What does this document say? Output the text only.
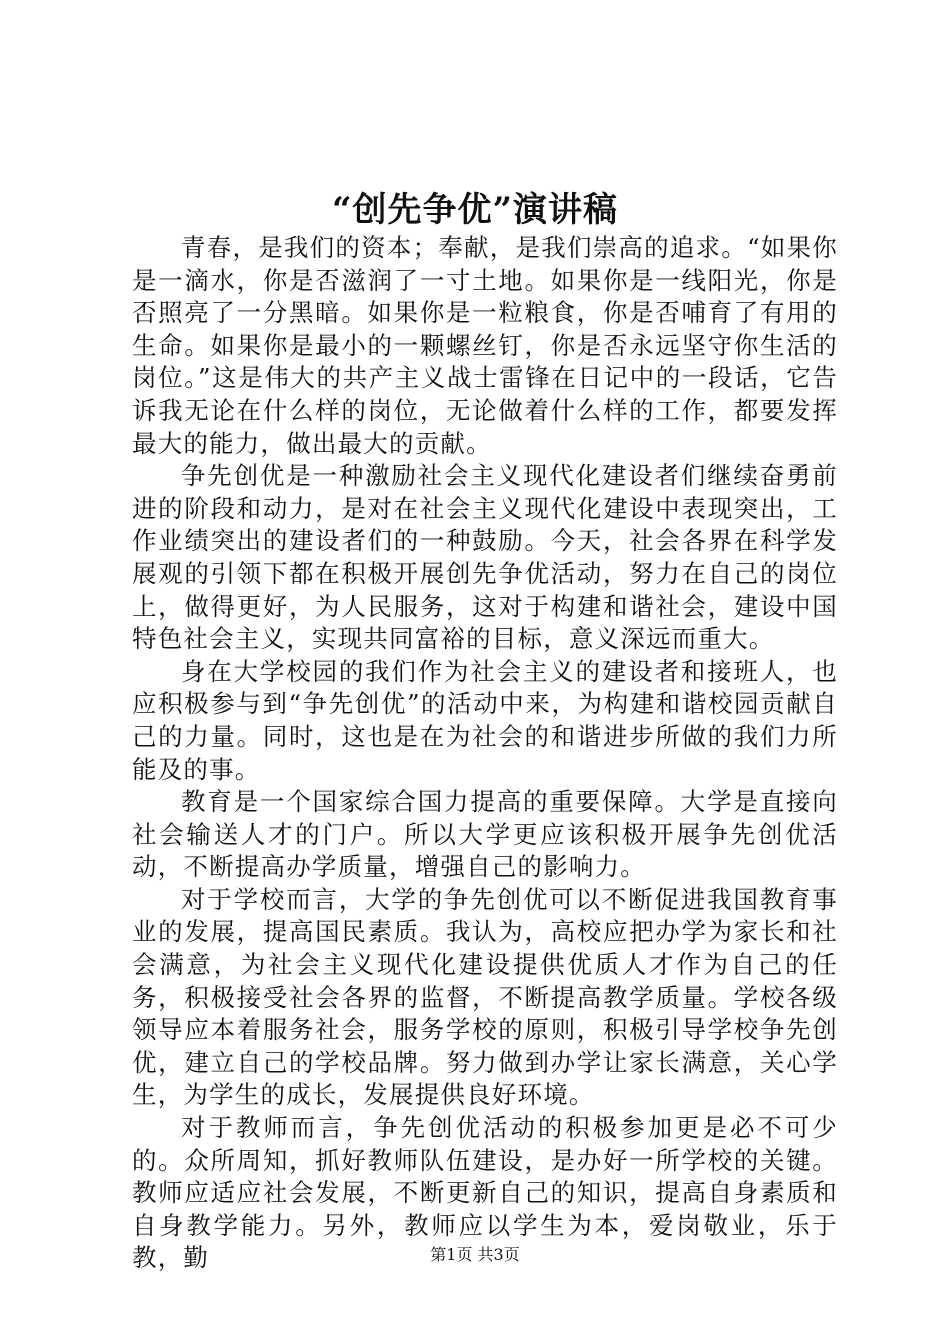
“创先争优”演讲稿

青春，是我们的资本；奉献，是我们崇高的追求。“如果你是一滴水，你是否滋润了一寸土地。如果你是一线阳光，你是否照亮了一分黑暗。如果你是一粒粮食，你是否哺育了有用的生命。如果你是最小的一颗螺丝钉，你是否永远坚守你生活的岗位。”这是伟大的共产主义战士雷锋在日记中的一段话，它告诉我无论在什么样的岗位，无论做着什么样的工作，都要发挥最大的能力，做出最大的贡献。

争先创优是一种激励社会主义现代化建设者们继续奋勇前进的阶段和动力，是对在社会主义现代化建设中表现突出，工作业绩突出的建设者们的一种鼓励。今天，社会各界在科学发展观的引领下都在积极开展创先争优活动，努力在自己的岗位上，做得更好，为人民服务，这对于构建和谐社会，建设中国特色社会主义，实现共同富裕的目标，意义深远而重大。

身在大学校园的我们作为社会主义的建设者和接班人，也应积极参与到“争先创优”的活动中来，为构建和谐校园贡献自己的力量。同时，这也是在为社会的和谐进步所做的我们力所能及的事。

教育是一个国家综合国力提高的重要保障。大学是直接向社会输送人才的门户。所以大学更应该积极开展争先创优活动，不断提高办学质量，增强自己的影响力。

对于学校而言，大学的争先创优可以不断促进我国教育事业的发展，提高国民素质。我认为，高校应把办学为家长和社会满意，为社会主义现代化建设提供优质人才作为自己的任务，积极接受社会各界的监督，不断提高教学质量。学校各级领导应本着服务社会，服务学校的原则，积极引导学校争先创优，建立自己的学校品牌。努力做到办学让家长满意，关心学生，为学生的成长，发展提供良好环境。

对于教师而言，争先创优活动的积极参加更是必不可少的。众所周知，抓好教师队伍建设，是办好一所学校的关键。教师应适应社会发展，不断更新自己的知识，提高自身素质和自身教学能力。另外，教师应以学生为本，爱岗敬业，乐于教，勤	第1页 共3页
